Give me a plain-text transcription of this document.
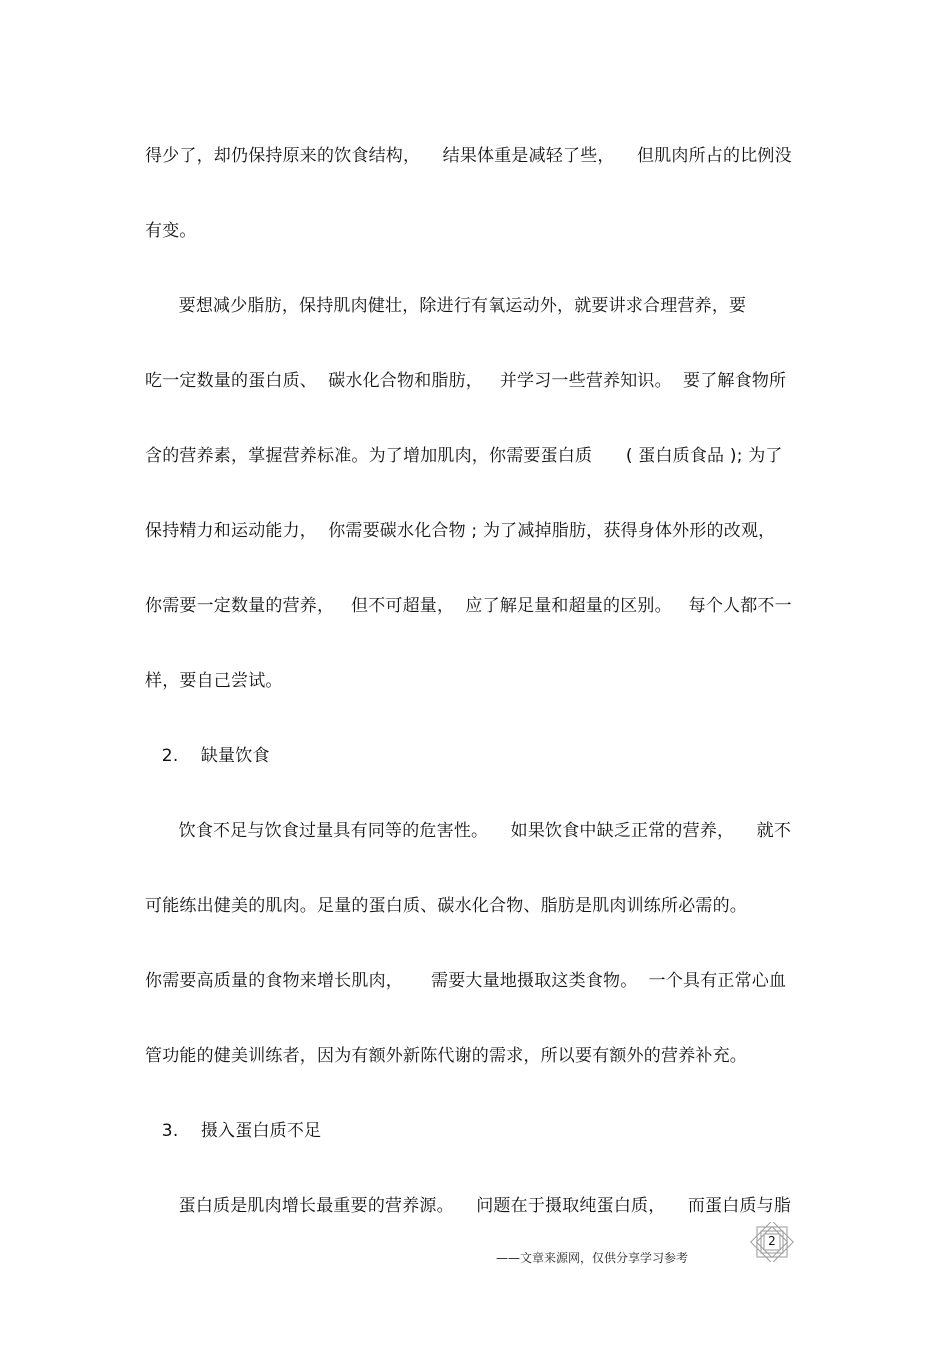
得少了，却仍保持原来的饮食结构，    结果体重是减轻了些，    但肌肉所占的比例没
有变。
要想减少脂肪，保持肌肉健壮，除进行有氧运动外，就要讲求合理营养，要
吃一定数量的蛋白质、  碳水化合物和脂肪，   并学习一些营养知识。  要了解食物所
含的营养素，掌握营养标准。为了增加肌肉，你需要蛋白质      ( 蛋白质食品 ); 为了
保持精力和运动能力，  你需要碳水化合物 ; 为了减掉脂肪，获得身体外形的改观，
你需要一定数量的营养，   但不可超量，  应了解足量和超量的区别。   每个人都不一
样，要自己尝试。
2.    缺量饮食
饮食不足与饮食过量具有同等的危害性。    如果饮食中缺乏正常的营养，    就不
可能练出健美的肌肉。足量的蛋白质、碳水化合物、脂肪是肌肉训练所必需的。
你需要高质量的食物来增长肌肉，     需要大量地摄取这类食物。  一个具有正常心血
管功能的健美训练者，因为有额外新陈代谢的需求，所以要有额外的营养补充。
3.    摄入蛋白质不足
蛋白质是肌肉增长最重要的营养源。    问题在于摄取纯蛋白质，    而蛋白质与脂
——文章来源网，仅供分享学习参考
2
